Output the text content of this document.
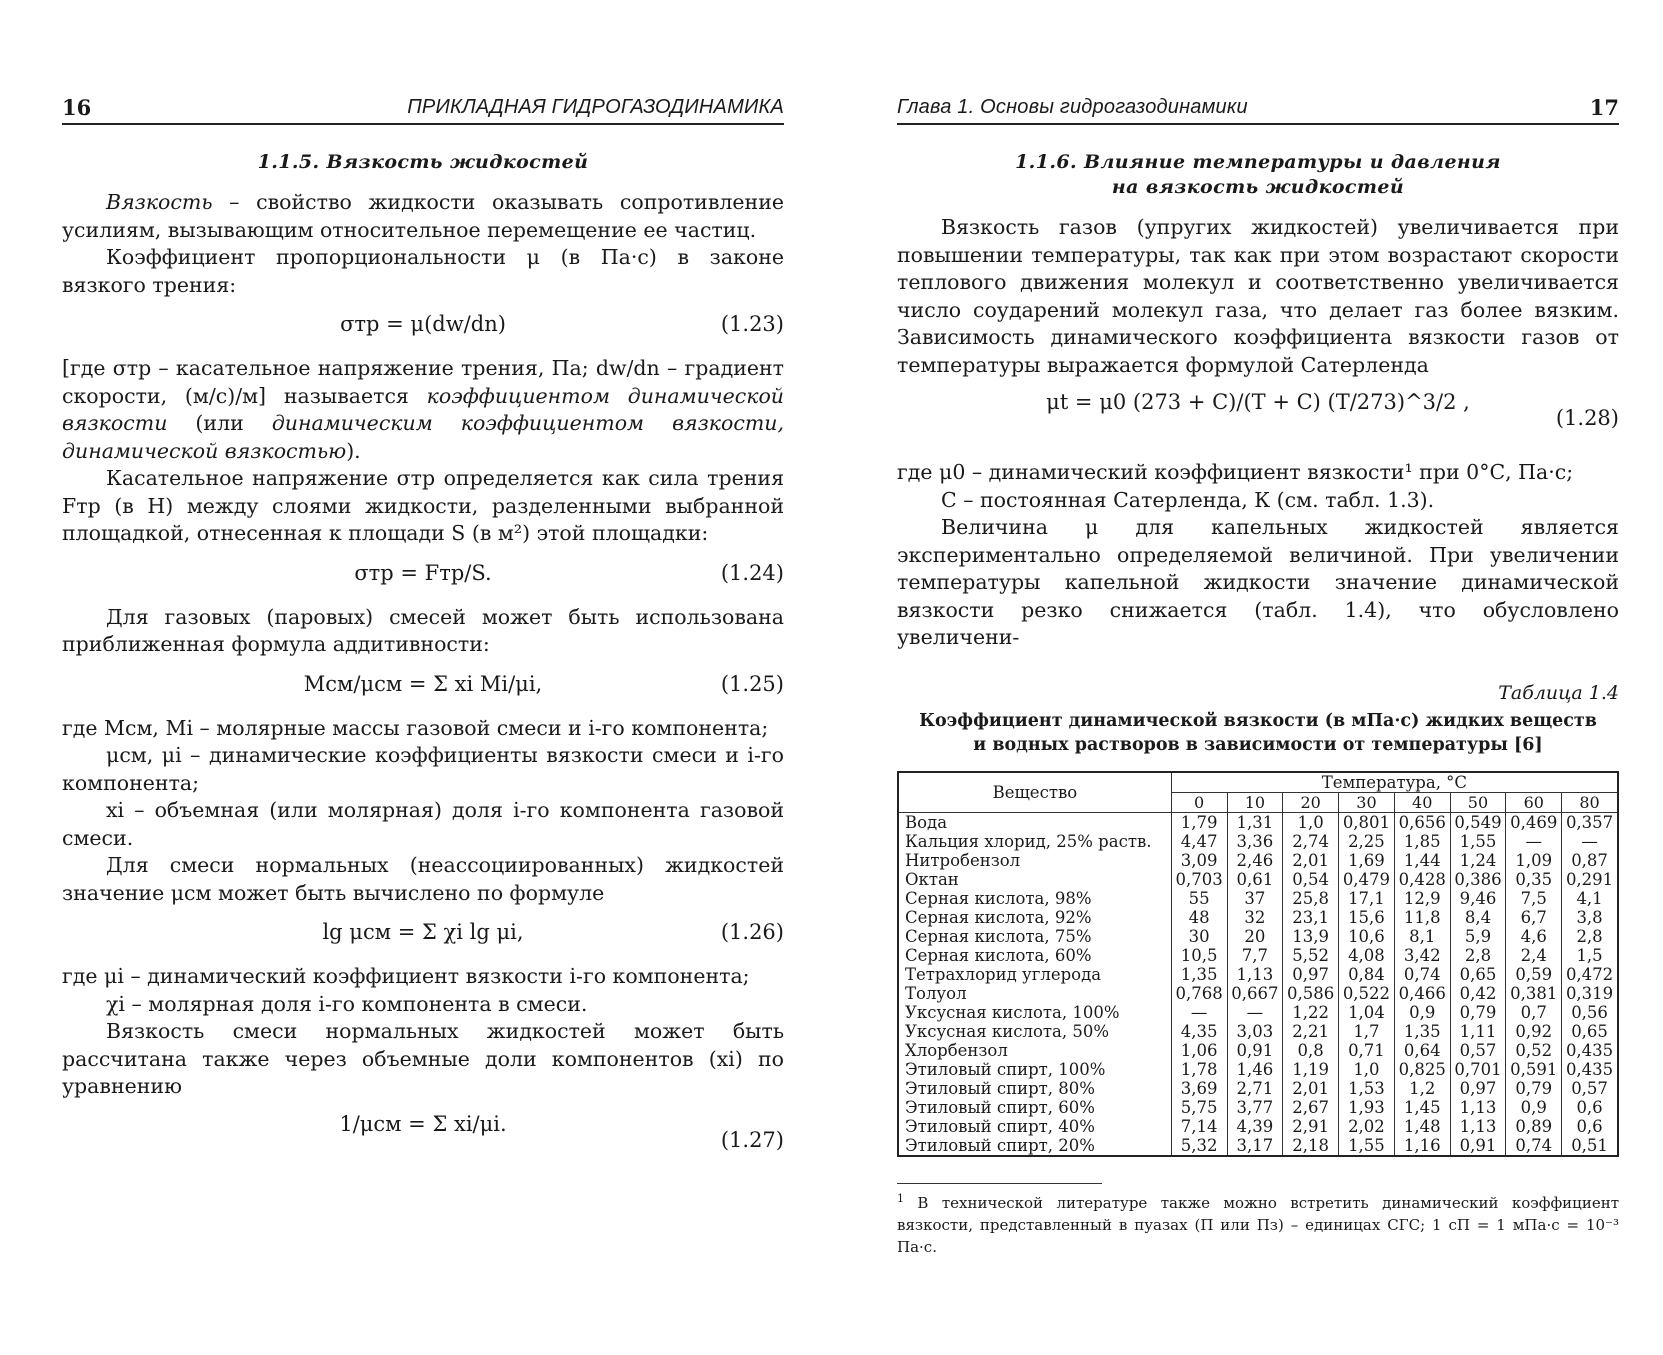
16	ПРИКЛАДНАЯ ГИДРОГАЗОДИНАМИКА
1.1.5. Вязкость жидкостей

Вязкость – свойство жидкости оказывать сопротивление усилиям, вызывающим относительное перемещение ее частиц.

Коэффициент пропорциональности μ (в Па·с) в законе вязкого трения:

σтр = μ(dw/dn)	(1.23)

[где σтр – касательное напряжение трения, Па; dw/dn – градиент скорости, (м/с)/м] называется коэффициентом динамической вязкости (или динамическим коэффициентом вязкости, динамической вязкостью).

Касательное напряжение σтр определяется как сила трения Fтр (в Н) между слоями жидкости, разделенными выбранной площадкой, отнесенная к площади S (в м²) этой площадки:

σтр = Fтр/S.	(1.24)

Для газовых (паровых) смесей может быть использована приближенная формула аддитивности:

Mсм/μсм = Σ xi Mi/μi,	(1.25)

где Mсм, Mi – молярные массы газовой смеси и i-го компонента;

μсм, μi – динамические коэффициенты вязкости смеси и i-го компонента;

xi – объемная (или молярная) доля i-го компонента газовой смеси.

Для смеси нормальных (неассоциированных) жидкостей значение μсм может быть вычислено по формуле

lg μсм = Σ χi lg μi,	(1.26)

где μi – динамический коэффициент вязкости i-го компонента;

χi – молярная доля i-го компонента в смеси.

Вязкость смеси нормальных жидкостей может быть рассчитана также через объемные доли компонентов (xi) по уравнению

1/μсм = Σ xi/μi.
(1.27)
Глава 1. Основы гидрогазодинамики	17
1.1.6. Влияние температуры и давления
на вязкость жидкостей

Вязкость газов (упругих жидкостей) увеличивается при повышении температуры, так как при этом возрастают скорости теплового движения молекул и соответственно увеличивается число соударений молекул газа, что делает газ более вязким. Зависимость динамического коэффициента вязкости газов от температуры выражается формулой Сатерленда

μt = μ0 (273 + C)/(T + C) (T/273)^3/2 ,
(1.28)

где μ0 – динамический коэффициент вязкости¹ при 0°С, Па·с;

C – постоянная Сатерленда, К (см. табл. 1.3).

Величина μ для капельных жидкостей является экспериментально определяемой величиной. При увеличении температуры капельной жидкости значение динамической вязкости резко снижается (табл. 1.4), что обусловлено увеличени-

Таблица 1.4
Коэффициент динамической вязкости (в мПа·с) жидких веществ
и водных растворов в зависимости от температуры [6]
Вещество	Температура, °С							
	0	10	20	30	40	50	60	80
Вода	1,79	1,31	1,0	0,801	0,656	0,549	0,469	0,357
Кальция хлорид, 25% раств.	4,47	3,36	2,74	2,25	1,85	1,55	—	—
Нитробензол	3,09	2,46	2,01	1,69	1,44	1,24	1,09	0,87
Октан	0,703	0,61	0,54	0,479	0,428	0,386	0,35	0,291
Серная кислота, 98%	55	37	25,8	17,1	12,9	9,46	7,5	4,1
Серная кислота, 92%	48	32	23,1	15,6	11,8	8,4	6,7	3,8
Серная кислота, 75%	30	20	13,9	10,6	8,1	5,9	4,6	2,8
Серная кислота, 60%	10,5	7,7	5,52	4,08	3,42	2,8	2,4	1,5
Тетрахлорид углерода	1,35	1,13	0,97	0,84	0,74	0,65	0,59	0,472
Толуол	0,768	0,667	0,586	0,522	0,466	0,42	0,381	0,319
Уксусная кислота, 100%	—	—	1,22	1,04	0,9	0,79	0,7	0,56
Уксусная кислота, 50%	4,35	3,03	2,21	1,7	1,35	1,11	0,92	0,65
Хлорбензол	1,06	0,91	0,8	0,71	0,64	0,57	0,52	0,435
Этиловый спирт, 100%	1,78	1,46	1,19	1,0	0,825	0,701	0,591	0,435
Этиловый спирт, 80%	3,69	2,71	2,01	1,53	1,2	0,97	0,79	0,57
Этиловый спирт, 60%	5,75	3,77	2,67	1,93	1,45	1,13	0,9	0,6
Этиловый спирт, 40%	7,14	4,39	2,91	2,02	1,48	1,13	0,89	0,6
Этиловый спирт, 20%	5,32	3,17	2,18	1,55	1,16	0,91	0,74	0,51
$^1$ В технической литературе также можно встретить динамический коэффициент вязкости, представленный в пуазах (П или Пз) – единицах СГС; 1 сП = 1 мПа·с = 10⁻³ Па·с.
